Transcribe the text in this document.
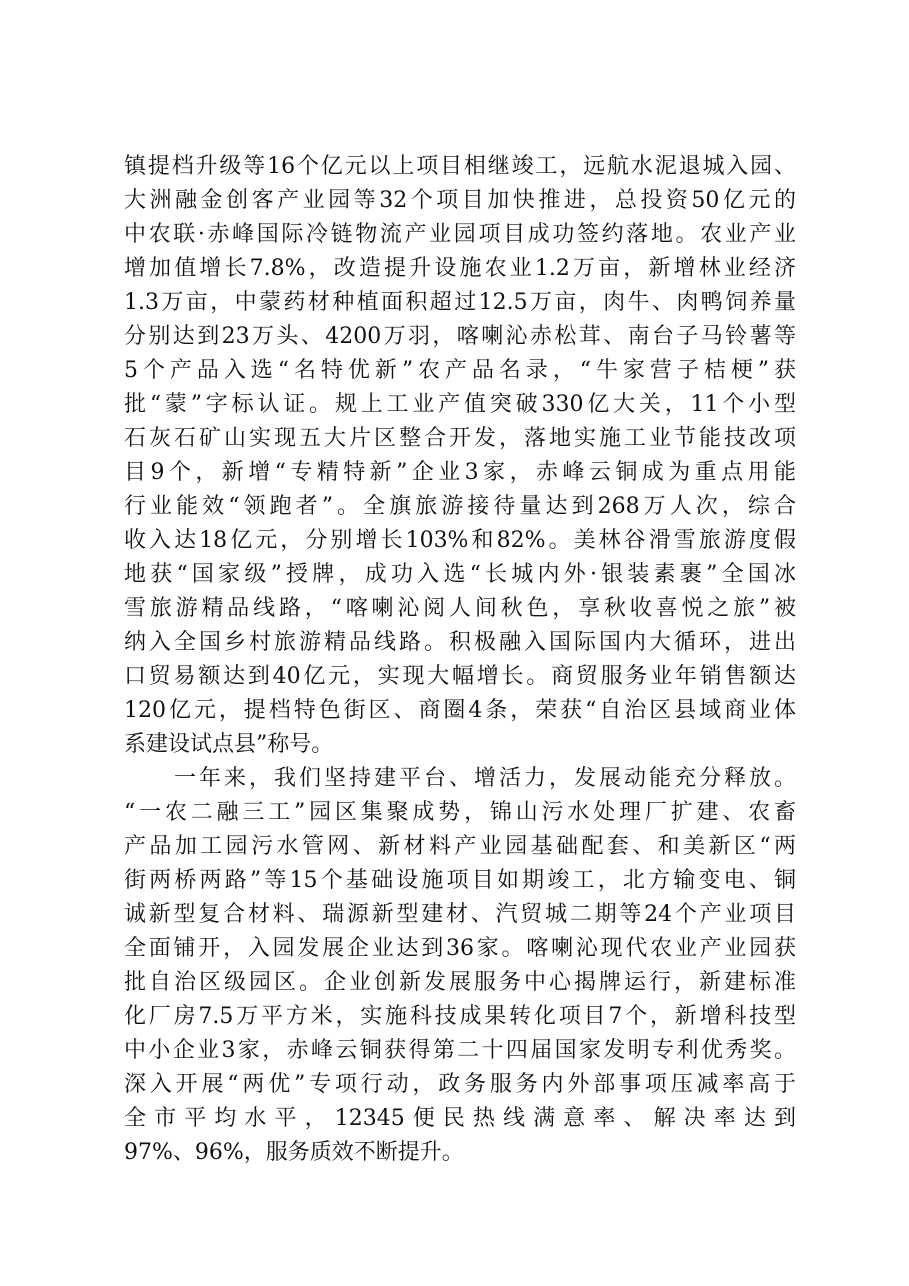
镇提档升级等16个亿元以上项目相继竣工，远航水泥退城入园、
大洲融金创客产业园等32个项目加快推进，总投资50亿元的
中农联·赤峰国际冷链物流产业园项目成功签约落地。农业产业
增加值增长7.8%，改造提升设施农业1.2万亩，新增林业经济
1.3万亩，中蒙药材种植面积超过12.5万亩，肉牛、肉鸭饲养量
分别达到23万头、4200万羽，喀喇沁赤松茸、南台子马铃薯等
5个产品入选“名特优新”农产品名录，“牛家营子桔梗”获
批“蒙”字标认证。规上工业产值突破330亿大关，11个小型
石灰石矿山实现五大片区整合开发，落地实施工业节能技改项
目9个，新增“专精特新”企业3家，赤峰云铜成为重点用能
行业能效“领跑者”。全旗旅游接待量达到268万人次，综合
收入达18亿元，分别增长103%和82%。美林谷滑雪旅游度假
地获“国家级”授牌，成功入选“长城内外·银装素裹”全国冰
雪旅游精品线路，“喀喇沁阅人间秋色，享秋收喜悦之旅”被
纳入全国乡村旅游精品线路。积极融入国际国内大循环，进出
口贸易额达到40亿元，实现大幅增长。商贸服务业年销售额达
120亿元，提档特色街区、商圈4条，荣获“自治区县域商业体
系建设试点县”称号。
　　一年来，我们坚持建平台、增活力，发展动能充分释放。
“一农二融三工”园区集聚成势，锦山污水处理厂扩建、农畜
产品加工园污水管网、新材料产业园基础配套、和美新区“两
街两桥两路”等15个基础设施项目如期竣工，北方输变电、铜
诚新型复合材料、瑞源新型建材、汽贸城二期等24个产业项目
全面铺开，入园发展企业达到36家。喀喇沁现代农业产业园获
批自治区级园区。企业创新发展服务中心揭牌运行，新建标准
化厂房7.5万平方米，实施科技成果转化项目7个，新增科技型
中小企业3家，赤峰云铜获得第二十四届国家发明专利优秀奖。
深入开展“两优”专项行动，政务服务内外部事项压减率高于
全市平均水平，12345便民热线满意率、解决率达到
97%、96%，服务质效不断提升。
